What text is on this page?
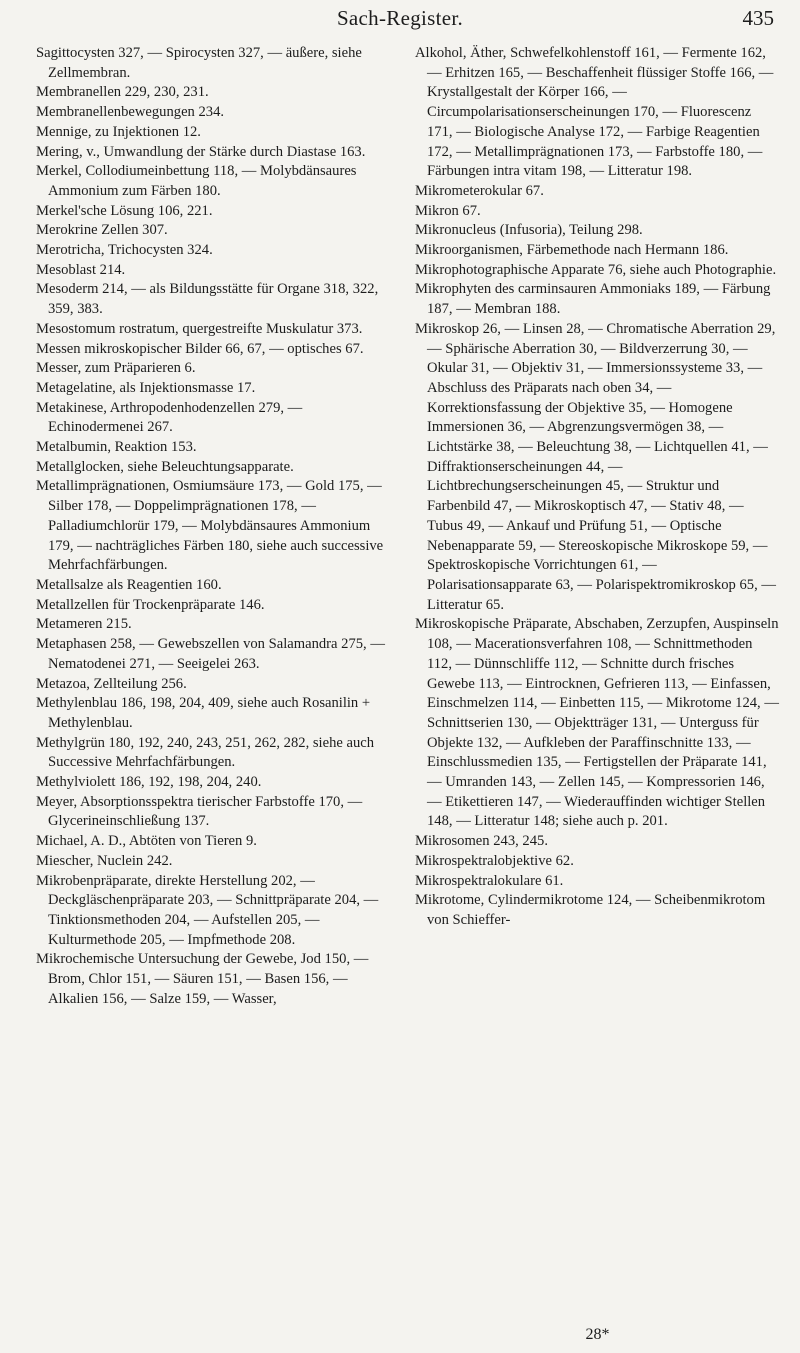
Sach-Register.	435

Sagittocysten 327, — Spirocysten 327, — äußere, siehe Zellmembran.

Membranellen 229, 230, 231.

Membranellenbewegungen 234.

Mennige, zu Injektionen 12.

Mering, v., Umwandlung der Stärke durch Diastase 163.

Merkel, Collodiumeinbettung 118, — Molybdänsaures Ammonium zum Färben 180.

Merkel'sche Lösung 106, 221.

Merokrine Zellen 307.

Merotricha, Trichocysten 324.

Mesoblast 214.

Mesoderm 214, — als Bildungsstätte für Organe 318, 322, 359, 383.

Mesostomum rostratum, quergestreifte Muskulatur 373.

Messen mikroskopischer Bilder 66, 67, — optisches 67.

Messer, zum Präparieren 6.

Metagelatine, als Injektionsmasse 17.

Metakinese, Arthropodenhodenzellen 279, — Echinodermenei 267.

Metalbumin, Reaktion 153.

Metallglocken, siehe Beleuchtungsapparate.

Metallimprägnationen, Osmiumsäure 173, — Gold 175, — Silber 178, — Doppelimprägnationen 178, — Palladiumchlorür 179, — Molybdänsaures Ammonium 179, — nachträgliches Färben 180, siehe auch successive Mehrfachfärbungen.

Metallsalze als Reagentien 160.

Metallzellen für Trockenpräparate 146.

Metameren 215.

Metaphasen 258, — Gewebszellen von Salamandra 275, — Nematodenei 271, — Seeigelei 263.

Metazoa, Zellteilung 256.

Methylenblau 186, 198, 204, 409, siehe auch Rosanilin + Methylenblau.

Methylgrün 180, 192, 240, 243, 251, 262, 282, siehe auch Successive Mehrfachfärbungen.

Methylviolett 186, 192, 198, 204, 240.

Meyer, Absorptionsspektra tierischer Farbstoffe 170, — Glycerineinschließung 137.

Michael, A. D., Abtöten von Tieren 9.

Miescher, Nuclein 242.

Mikrobenpräparate, direkte Herstellung 202, — Deckgläschenpräparate 203, — Schnittpräparate 204, — Tinktionsmethoden 204, — Aufstellen 205, — Kulturmethode 205, — Impfmethode 208.

Mikrochemische Untersuchung der Gewebe, Jod 150, — Brom, Chlor 151, — Säuren 151, — Basen 156, — Alkalien 156, — Salze 159, — Wasser,

Alkohol, Äther, Schwefelkohlenstoff 161, — Fermente 162, — Erhitzen 165, — Beschaffenheit flüssiger Stoffe 166, — Krystallgestalt der Körper 166, — Circumpolarisationserscheinungen 170, — Fluorescenz 171, — Biologische Analyse 172, — Farbige Reagentien 172, — Metallimprägnationen 173, — Farbstoffe 180, — Färbungen intra vitam 198, — Litteratur 198.

Mikrometerokular 67.

Mikron 67.

Mikronucleus (Infusoria), Teilung 298.

Mikroorganismen, Färbemethode nach Hermann 186.

Mikrophotographische Apparate 76, siehe auch Photographie.

Mikrophyten des carminsauren Ammoniaks 189, — Färbung 187, — Membran 188.

Mikroskop 26, — Linsen 28, — Chromatische Aberration 29, — Sphärische Aberration 30, — Bildverzerrung 30, — Okular 31, — Objektiv 31, — Immersionssysteme 33, — Abschluss des Präparats nach oben 34, — Korrektionsfassung der Objektive 35, — Homogene Immersionen 36, — Abgrenzungsvermögen 38, — Lichtstärke 38, — Beleuchtung 38, — Lichtquellen 41, — Diffraktionserscheinungen 44, — Lichtbrechungserscheinungen 45, — Struktur und Farbenbild 47, — Mikroskoptisch 47, — Stativ 48, — Tubus 49, — Ankauf und Prüfung 51, — Optische Nebenapparate 59, — Stereoskopische Mikroskope 59, — Spektroskopische Vorrichtungen 61, — Polarisationsapparate 63, — Polarispektromikroskop 65, — Litteratur 65.

Mikroskopische Präparate, Abschaben, Zerzupfen, Auspinseln 108, — Macerationsverfahren 108, — Schnittmethoden 112, — Dünnschliffe 112, — Schnitte durch frisches Gewebe 113, — Eintrocknen, Gefrieren 113, — Einfassen, Einschmelzen 114, — Einbetten 115, — Mikrotome 124, — Schnittserien 130, — Objektträger 131, — Unterguss für Objekte 132, — Aufkleben der Paraffinschnitte 133, — Einschlussmedien 135, — Fertigstellen der Präparate 141, — Umranden 143, — Zellen 145, — Kompressorien 146, — Etikettieren 147, — Wiederauffinden wichtiger Stellen 148, — Litteratur 148; siehe auch p. 201.

Mikrosomen 243, 245.

Mikrospektralobjektive 62.

Mikrospektralokulare 61.

Mikrotome, Cylindermikrotome 124, — Scheibenmikrotom von Schieffer-

28*
